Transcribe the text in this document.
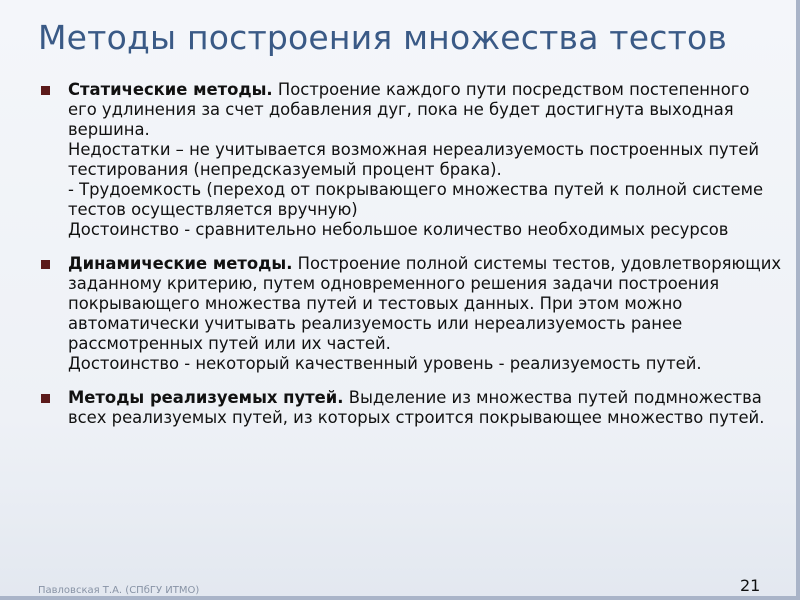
Методы построения множества тестов
Статические методы. Построение каждого пути посредством постепенного его удлинения за счет добавления дуг, пока не будет достигнута выходная вершина.
Недостатки – не учитывается возможная нереализуемость построенных путей тестирования (непредсказуемый процент брака).
- Трудоемкость (переход от покрывающего множества путей к полной системе тестов осуществляется вручную)
Достоинство - сравнительно небольшое количество необходимых ресурсов
Динамические методы. Построение полной системы тестов, удовлетворяющих заданному критерию, путем одновременного решения задачи построения покрывающего множества путей и тестовых данных. При этом можно автоматически учитывать реализуемость или нереализуемость ранее рассмотренных путей или их частей.
Достоинство - некоторый качественный уровень - реализуемость путей.
Методы реализуемых путей. Выделение из множества путей подмножества всех реализуемых путей, из которых строится покрывающее множество путей.
Павловская Т.А. (СПбГУ ИТМО)	21
